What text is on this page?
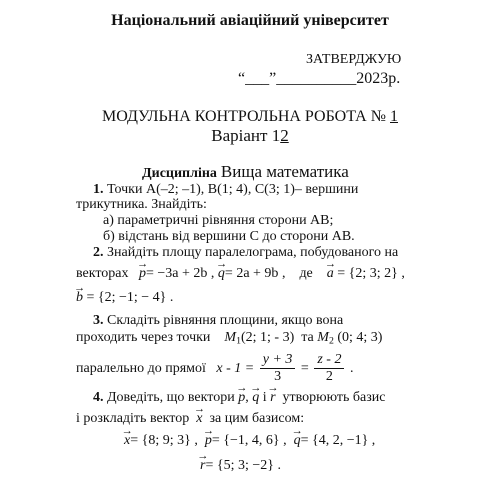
Національний авіаційний університет
ЗАТВЕРДЖУЮ
“___”__________2023р.
МОДУЛЬНА КОНТРОЛЬНА РОБОТА № 1
Варіант 12
Дисципліна Вища математика
1. Точки A(–2; –1), B(1; 4), C(3; 1)– вершини
трикутника. Знайдіть:
а) параметричні рівняння сторони AB;
б) відстань від вершини C до сторони AB.
2. Знайдіть площу паралелограма, побудованого на
векторах → p= −3a + 2b , → q= 2a + 9b ,    де → a = {2; 3; 2} ,
→ b = {2; −1; − 4} .
3. Складіть рівняння площини, якщо вона
проходить через точки $M_1(2$; 1; - 3) та $M_2$ (0; 4; 3)
паралельно до прямої $x - 1 = \frac{y + 3}{3} = \frac{z - 2}{2}$ .
4. Доведіть, що вектори → p, → q і → r утворюють базис
і розкладіть вектор → x за цим базисом:
→ x= {8; 9; 3} , → p= {−1, 4, 6} , → q= {4, 2, −1} ,
→ r= {5; 3; −2} .
